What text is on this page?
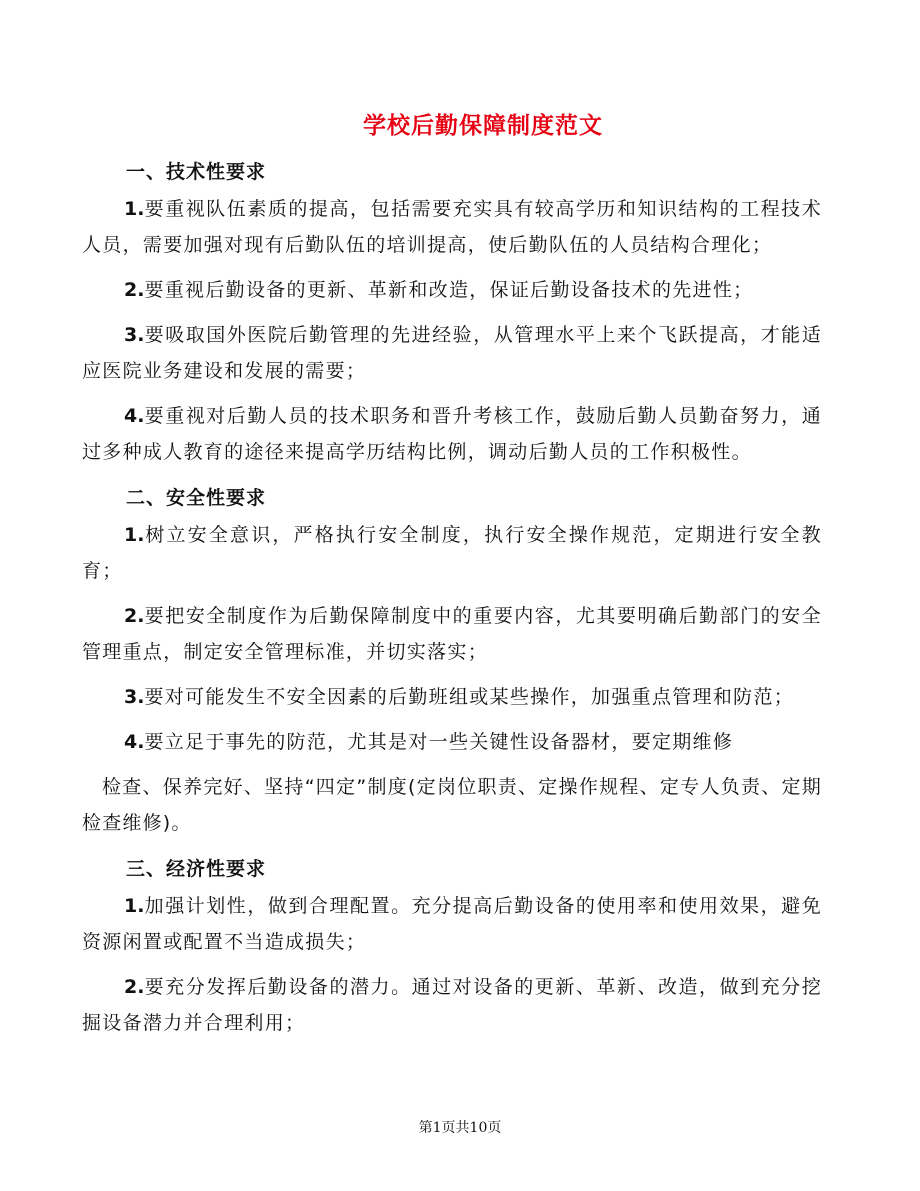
学校后勤保障制度范文
一、技术性要求

1.要重视队伍素质的提高，包括需要充实具有较高学历和知识结构的工程技术人员，需要加强对现有后勤队伍的培训提高，使后勤队伍的人员结构合理化；

2.要重视后勤设备的更新、革新和改造，保证后勤设备技术的先进性；

3.要吸取国外医院后勤管理的先进经验，从管理水平上来个飞跃提高，才能适应医院业务建设和发展的需要；

4.要重视对后勤人员的技术职务和晋升考核工作，鼓励后勤人员勤奋努力，通过多种成人教育的途径来提高学历结构比例，调动后勤人员的工作积极性。

二、安全性要求

1.树立安全意识，严格执行安全制度，执行安全操作规范，定期进行安全教育；

2.要把安全制度作为后勤保障制度中的重要内容，尤其要明确后勤部门的安全管理重点，制定安全管理标准，并切实落实；

3.要对可能发生不安全因素的后勤班组或某些操作，加强重点管理和防范；

4.要立足于事先的防范，尤其是对一些关键性设备器材，要定期维修

检查、保养完好、坚持“四定”制度(定岗位职责、定操作规程、定专人负责、定期检查维修)。

三、经济性要求

1.加强计划性，做到合理配置。充分提高后勤设备的使用率和使用效果，避免资源闲置或配置不当造成损失；

2.要充分发挥后勤设备的潜力。通过对设备的更新、革新、改造，做到充分挖掘设备潜力并合理利用；

第1页共10页
